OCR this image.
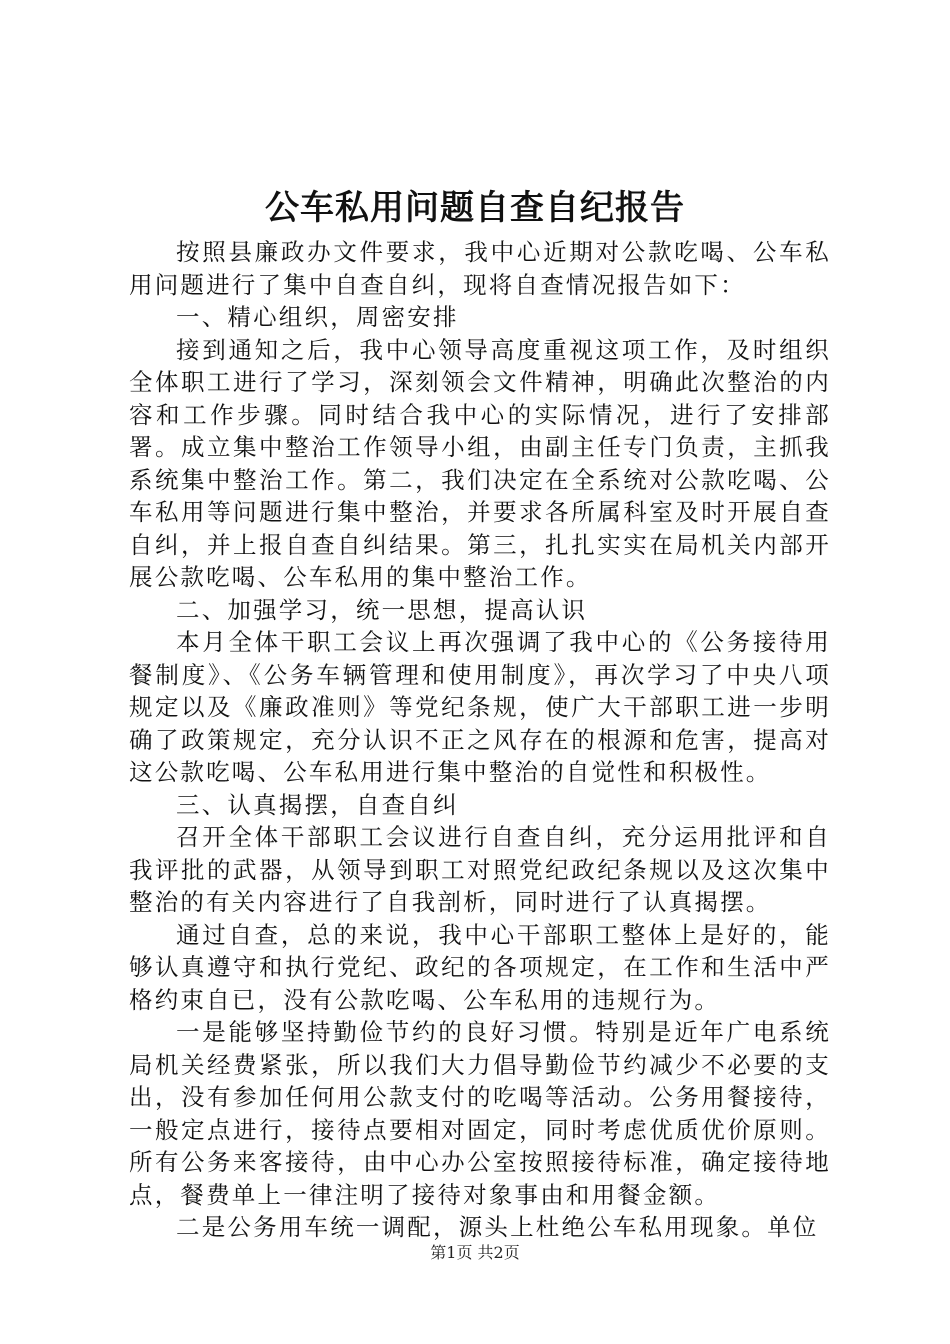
公车私用问题自查自纪报告

按照县廉政办文件要求，我中心近期对公款吃喝、公车私用问题进行了集中自查自纠，现将自查情况报告如下：

一、精心组织，周密安排

接到通知之后，我中心领导高度重视这项工作，及时组织全体职工进行了学习，深刻领会文件精神，明确此次整治的内容和工作步骤。同时结合我中心的实际情况，进行了安排部署。成立集中整治工作领导小组，由副主任专门负责，主抓我系统集中整治工作。第二，我们决定在全系统对公款吃喝、公车私用等问题进行集中整治，并要求各所属科室及时开展自查自纠，并上报自查自纠结果。第三，扎扎实实在局机关内部开展公款吃喝、公车私用的集中整治工作。

二、加强学习，统一思想，提高认识

本月全体干职工会议上再次强调了我中心的《公务接待用餐制度》、《公务车辆管理和使用制度》，再次学习了中央八项规定以及《廉政准则》等党纪条规，使广大干部职工进一步明确了政策规定，充分认识不正之风存在的根源和危害，提高对这公款吃喝、公车私用进行集中整治的自觉性和积极性。

三、认真揭摆，自查自纠

召开全体干部职工会议进行自查自纠，充分运用批评和自我评批的武器，从领导到职工对照党纪政纪条规以及这次集中整治的有关内容进行了自我剖析，同时进行了认真揭摆。

通过自查，总的来说，我中心干部职工整体上是好的，能够认真遵守和执行党纪、政纪的各项规定，在工作和生活中严格约束自已，没有公款吃喝、公车私用的违规行为。

一是能够坚持勤俭节约的良好习惯。特别是近年广电系统局机关经费紧张，所以我们大力倡导勤俭节约减少不必要的支出，没有参加任何用公款支付的吃喝等活动。公务用餐接待，一般定点进行，接待点要相对固定，同时考虑优质优价原则。所有公务来客接待，由中心办公室按照接待标准，确定接待地点，餐费单上一律注明了接待对象事由和用餐金额。

二是公务用车统一调配，源头上杜绝公车私用现象。单位

第1页 共2页
